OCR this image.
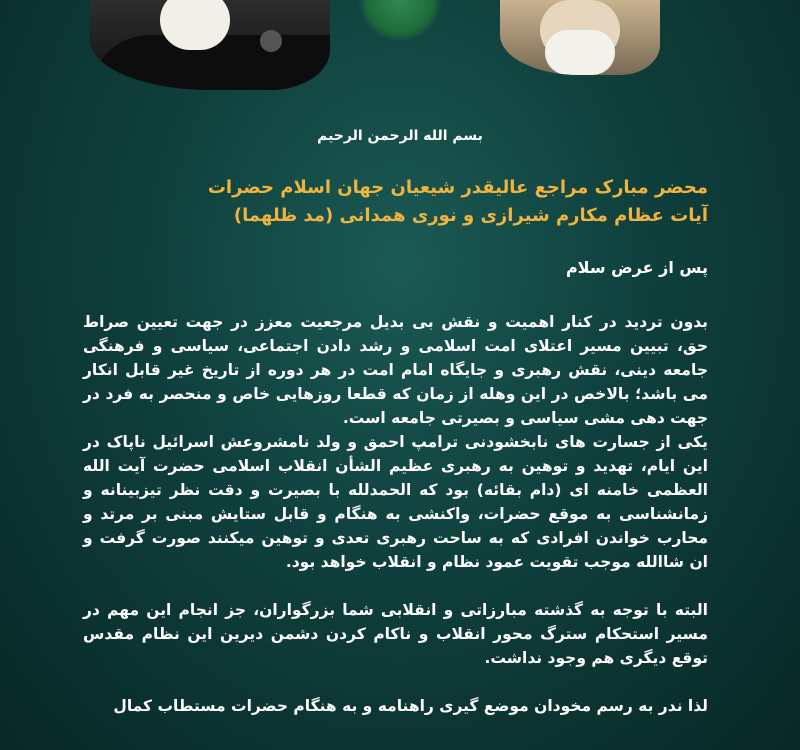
بسم الله الرحمن الرحیم
محضر مبارک مراجع عالیقدر شیعیان جهان اسلام حضرات
آیات عظام مکارم شیرازی و نوری همدانی (مد ظلهما)
پس از عرض سلام

بدون تردید در کنار اهمیت و نقش بی بدیل مرجعیت معزز در جهت تعیین صراط حق، تبیین مسیر اعتلای امت اسلامی و رشد دادن اجتماعی، سیاسی و فرهنگی جامعه دینی، نقش رهبری و جایگاه امام امت در هر دوره از تاریخ غیر قابل انکار می باشد؛ بالاخص در این وهله از زمان که قطعا روزهایی خاص و منحصر به فرد در جهت دهی مشی سیاسی و بصیرتی جامعه است.

یکی از جسارت های نابخشودنی ترامپ احمق و ولد نامشروعش اسرائیل ناپاک در این ایام، تهدید و توهین به رهبری عظیم الشأن انقلاب اسلامی حضرت آیت الله العظمی خامنه ای (دام بقائه) بود که الحمدلله با بصیرت و دقت نظر تیزبینانه و زمانشناسی به موقع حضرات، واکنشی به هنگام و قابل ستایش مبنی بر مرتد و محارب خواندن افرادی که به ساحت رهبری تعدی و توهین میکنند صورت گرفت و ان شاالله موجب تقویت عمود نظام و انقلاب خواهد بود.

البته با توجه به گذشته مبارزاتی و انقلابی شما بزرگواران، جز انجام این مهم در مسیر استحکام سترگ محور انقلاب و ناکام کردن دشمن دیرین این نظام مقدس توقع دیگری هم وجود نداشت.

لذا ندر به رسم مخودان موضع گیری راهنامه و به هنگام حضرات مستطاب کمال
